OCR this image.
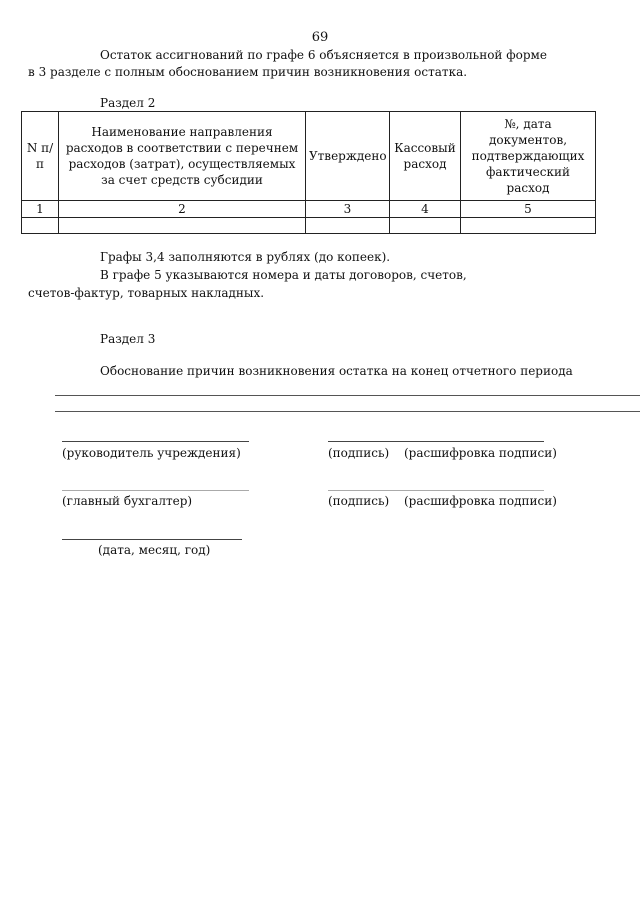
69
Остаток ассигнований по графе 6 объясняется в произвольной форме
в 3 разделе с полным обоснованием причин возникновения остатка.
Раздел 2
N п/п	Наименование направления расходов в соответствии с перечнем расходов (затрат), осуществляемых за счет средств субсидии	Утверждено	Кассовый расход	№, дата документов, подтверждающих фактический расход
1	2	3	4	5

Графы 3,4 заполняются в рублях (до копеек).
В графе 5 указываются номера и даты договоров, счетов,
счетов-фактур, товарных накладных.
Раздел 3
Обоснование причин возникновения остатка на конец отчетного периода
(руководитель учреждения)	(подпись) (расшифровка подписи)
(главный бухгалтер)	(подпись) (расшифровка подписи)
(дата, месяц, год)
